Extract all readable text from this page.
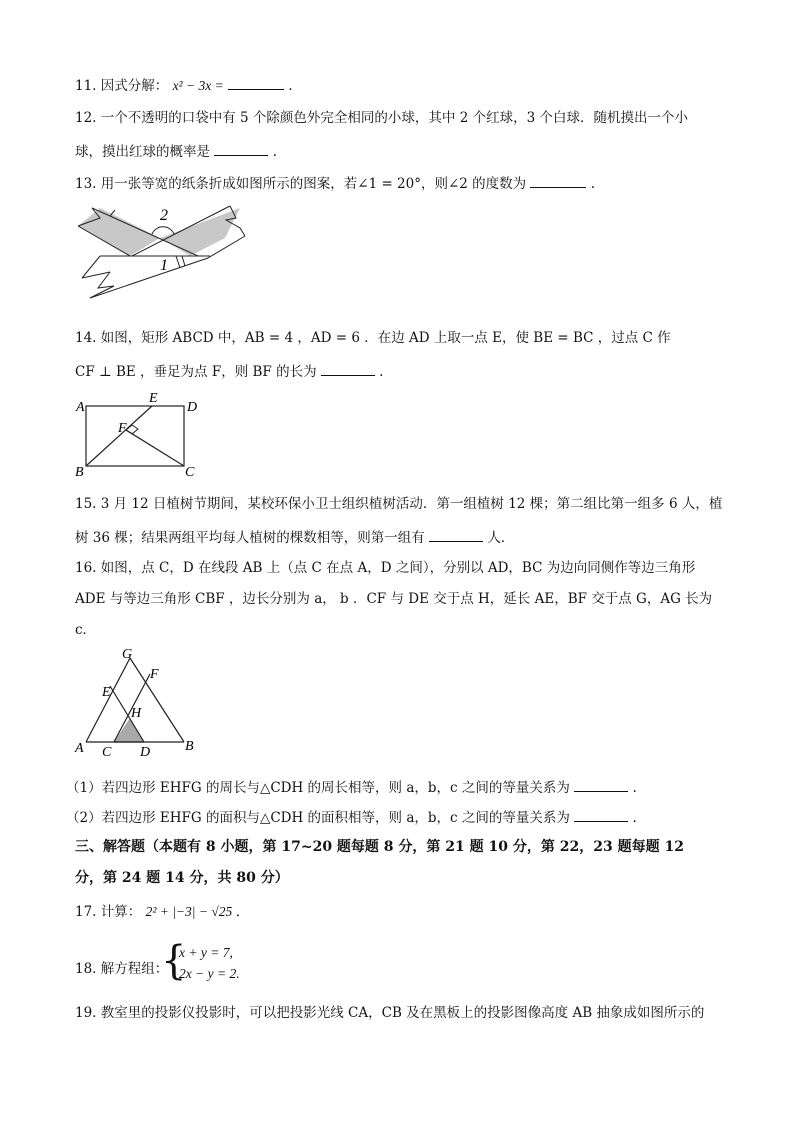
11. 因式分解： x² − 3x =	.
12. 一个不透明的口袋中有 5 个除颜色外完全相同的小球，其中 2 个红球，3 个白球．随机摸出一个小
球，摸出红球的概率是	.
13. 用一张等宽的纸条折成如图所示的图案，若∠1 = 20°，则∠2 的度数为	.
2
1
14. 如图，矩形 ABCD 中，AB = 4 ，AD = 6 ．在边 AD 上取一点 E，使 BE = BC ，过点 C 作
CF ⊥ BE ，垂足为点 F，则 BF 的长为	.
A	D
E
F
B	C
15. 3 月 12 日植树节期间，某校环保小卫士组织植树活动．第一组植树 12 棵；第二组比第一组多 6 人，植
树 36 棵；结果两组平均每人植树的棵数相等，则第一组有	人．
16. 如图，点 C，D 在线段 AB 上（点 C 在点 A，D 之间），分别以 AD，BC 为边向同侧作等边三角形
ADE 与等边三角形 CBF ，边长分别为 a， b ．CF 与 DE 交于点 H，延长 AE，BF 交于点 G，AG 长为
c．
G
F
E
H
A C D B
（1）若四边形 EHFG 的周长与△CDH 的周长相等，则 a，b，c 之间的等量关系为	.
（2）若四边形 EHFG 的面积与△CDH 的面积相等，则 a，b，c 之间的等量关系为	.
三、解答题（本题有 8 小题，第 17~20 题每题 8 分，第 21 题 10 分，第 22，23 题每题 12
分，第 24 题 14 分，共 80 分）
17. 计算： 2² + |−3| − √25 ．
18. 解方程组：
{
x + y = 7,
2x − y = 2.
19. 教室里的投影仪投影时，可以把投影光线 CA，CB 及在黑板上的投影图像高度 AB 抽象成如图所示的
